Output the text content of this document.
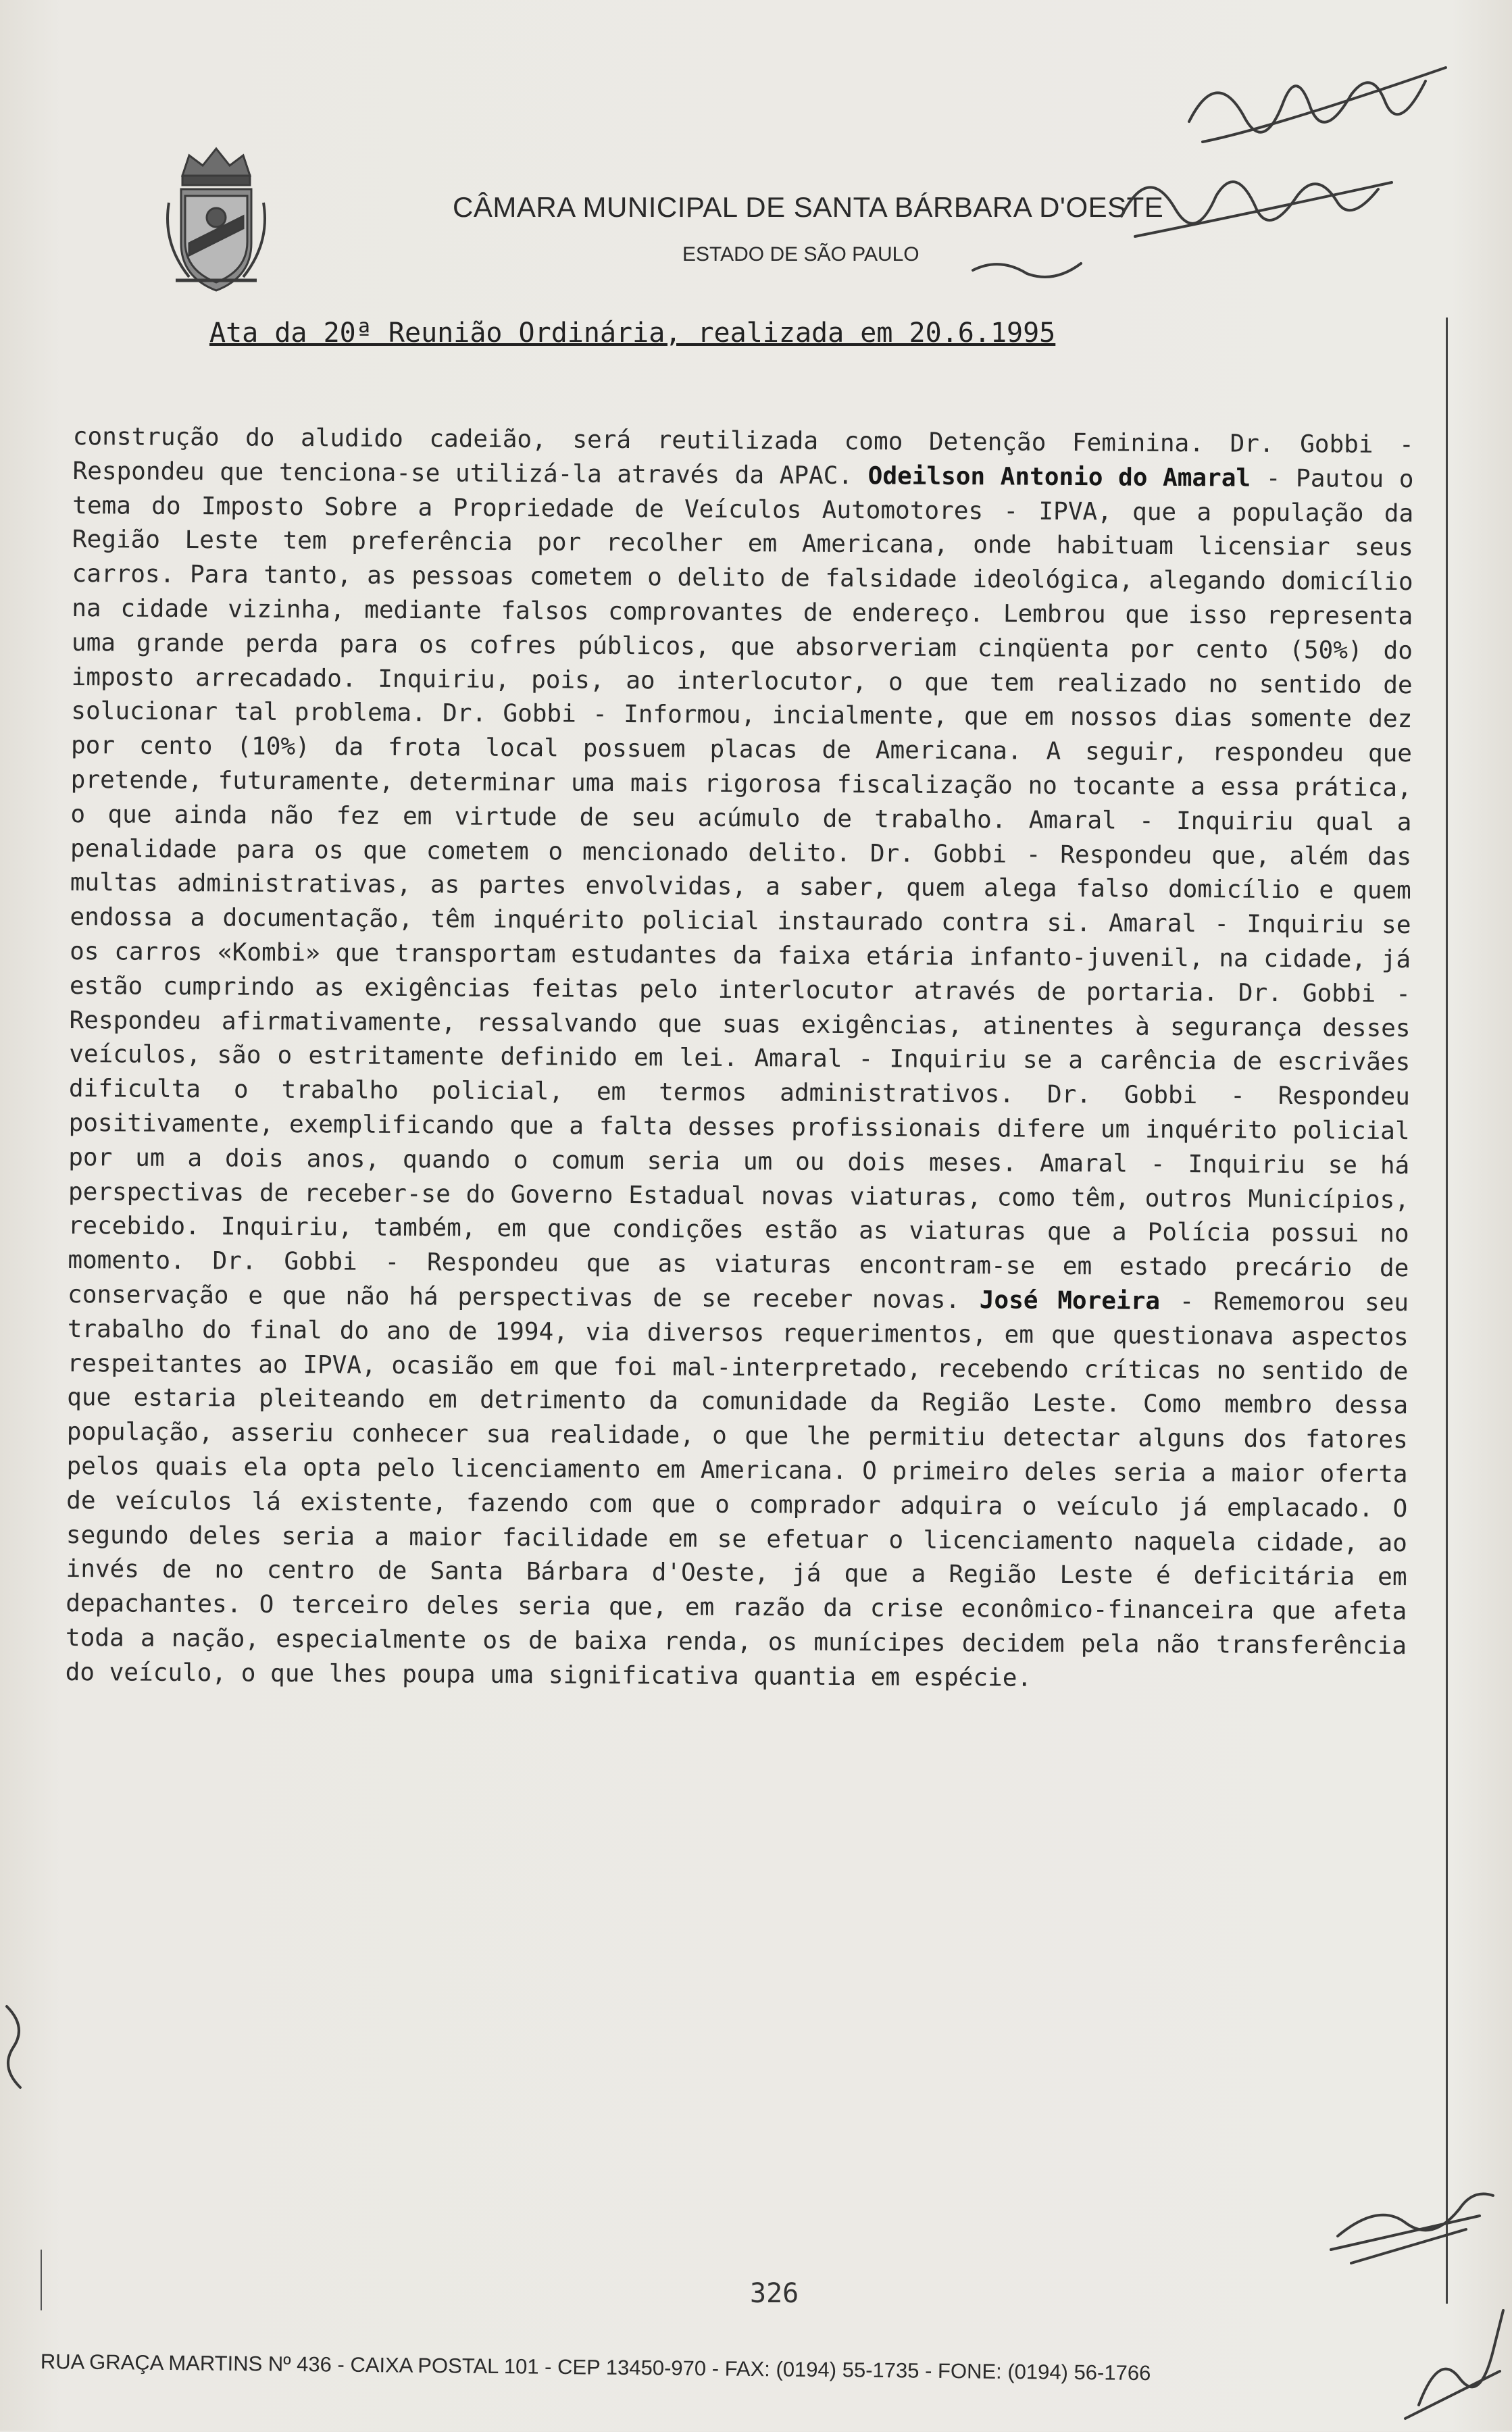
CÂMARA MUNICIPAL DE SANTA BÁRBARA D'OESTE
ESTADO DE SÃO PAULO
Ata da 20ª Reunião Ordinária, realizada em 20.6.1995
construção do aludido cadeião, será reutilizada como Detenção Feminina. Dr. Gobbi - Respondeu que tenciona-se utilizá-la através da APAC. Odeilson Antonio do Amaral - Pautou o tema do Imposto Sobre a Propriedade de Veículos Automotores - IPVA, que a população da Região Leste tem preferência por recolher em Americana, onde habituam licensiar seus carros. Para tanto, as pessoas cometem o delito de falsidade ideológica, alegando domicílio na cidade vizinha, mediante falsos comprovantes de endereço. Lembrou que isso representa uma grande perda para os cofres públicos, que absorveriam cinqüenta por cento (50%) do imposto arrecadado. Inquiriu, pois, ao interlocutor, o que tem realizado no sentido de solucionar tal problema. Dr. Gobbi - Informou, incialmente, que em nossos dias somente dez por cento (10%) da frota local possuem placas de Americana. A seguir, respondeu que pretende, futuramente, determinar uma mais rigorosa fiscalização no tocante a essa prática, o que ainda não fez em virtude de seu acúmulo de trabalho. Amaral - Inquiriu qual a penalidade para os que cometem o mencionado delito. Dr. Gobbi - Respondeu que, além das multas administrativas, as partes envolvidas, a saber, quem alega falso domicílio e quem endossa a documentação, têm inquérito policial instaurado contra si. Amaral - Inquiriu se os carros «Kombi» que transportam estudantes da faixa etária infanto-juvenil, na cidade, já estão cumprindo as exigências feitas pelo interlocutor através de portaria. Dr. Gobbi - Respondeu afirmativamente, ressalvando que suas exigências, atinentes à segurança desses veículos, são o estritamente definido em lei. Amaral - Inquiriu se a carência de escrivães dificulta o trabalho policial, em termos administrativos. Dr. Gobbi - Respondeu positivamente, exemplificando que a falta desses profissionais difere um inquérito policial por um a dois anos, quando o comum seria um ou dois meses. Amaral - Inquiriu se há perspectivas de receber-se do Governo Estadual novas viaturas, como têm, outros Municípios, recebido. Inquiriu, também, em que condições estão as viaturas que a Polícia possui no momento. Dr. Gobbi - Respondeu que as viaturas encontram-se em estado precário de conservação e que não há perspectivas de se receber novas. José Moreira - Rememorou seu trabalho do final do ano de 1994, via diversos requerimentos, em que questionava aspectos respeitantes ao IPVA, ocasião em que foi mal-interpretado, recebendo críticas no sentido de que estaria pleiteando em detrimento da comunidade da Região Leste. Como membro dessa população, asseriu conhecer sua realidade, o que lhe permitiu detectar alguns dos fatores pelos quais ela opta pelo licenciamento em Americana. O primeiro deles seria a maior oferta de veículos lá existente, fazendo com que o comprador adquira o veículo já emplacado. O segundo deles seria a maior facilidade em se efetuar o licenciamento naquela cidade, ao invés de no centro de Santa Bárbara d'Oeste, já que a Região Leste é deficitária em depachantes. O terceiro deles seria que, em razão da crise econômico-financeira que afeta toda a nação, especialmente os de baixa renda, os munícipes decidem pela não transferência do veículo, o que lhes poupa uma significativa quantia em espécie.
326
RUA GRAÇA MARTINS Nº 436 - CAIXA POSTAL 101 - CEP 13450-970 - FAX: (0194) 55-1735 - FONE: (0194) 56-1766
